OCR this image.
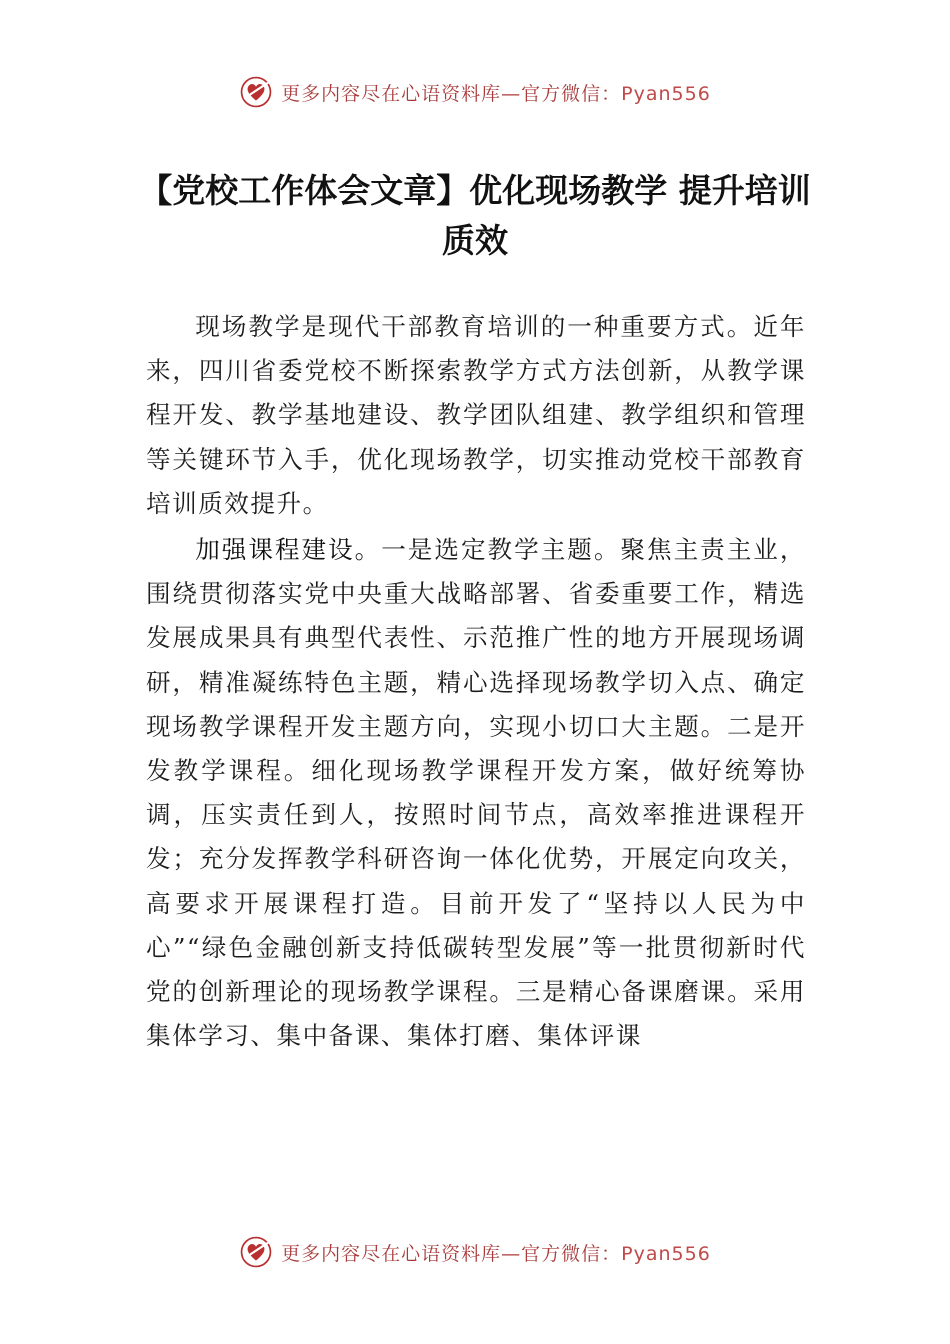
更多内容尽在心语资料库—官方微信：Pyan556
【党校工作体会文章】优化现场教学 提升培训质效

现场教学是现代干部教育培训的一种重要方式。近年来，四川省委党校不断探索教学方式方法创新，从教学课程开发、教学基地建设、教学团队组建、教学组织和管理等关键环节入手，优化现场教学，切实推动党校干部教育培训质效提升。

加强课程建设。一是选定教学主题。聚焦主责主业，围绕贯彻落实党中央重大战略部署、省委重要工作，精选发展成果具有典型代表性、示范推广性的地方开展现场调研，精准凝练特色主题，精心选择现场教学切入点、确定现场教学课程开发主题方向，实现小切口大主题。二是开发教学课程。细化现场教学课程开发方案，做好统筹协调，压实责任到人，按照时间节点，高效率推进课程开发；充分发挥教学科研咨询一体化优势，开展定向攻关，高要求开展课程打造。目前开发了“坚持以人民为中心”“绿色金融创新支持低碳转型发展”等一批贯彻新时代党的创新理论的现场教学课程。三是精心备课磨课。采用集体学习、集中备课、集体打磨、集体评课

更多内容尽在心语资料库—官方微信：Pyan556
